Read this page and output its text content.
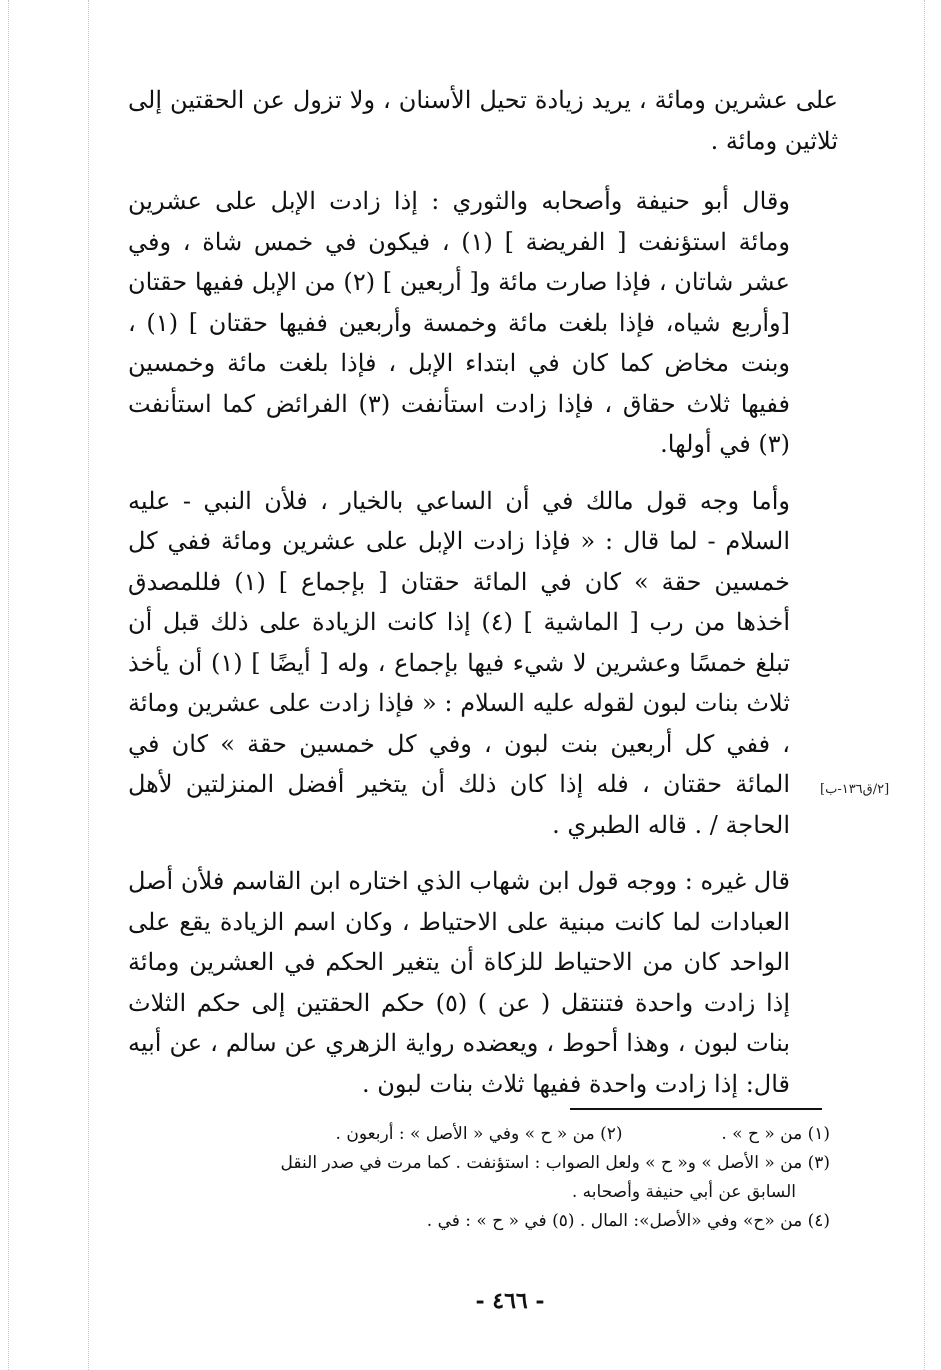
على عشرين ومائة ، يريد زيادة تحيل الأسنان ، ولا تزول عن الحقتين إلى ثلاثين ومائة .

وقال أبو حنيفة وأصحابه والثوري : إذا زادت الإبل على عشرين ومائة استؤنفت [ الفريضة ] (١) ، فيكون في خمس شاة ، وفي عشر شاتان ، فإذا صارت مائة و[ أربعين ] (٢) من الإبل ففيها حقتان [وأربع شياه، فإذا بلغت مائة وخمسة وأربعين ففيها حقتان ] (١) ، وبنت مخاض كما كان في ابتداء الإبل ، فإذا بلغت مائة وخمسين ففيها ثلاث حقاق ، فإذا زادت استأنفت (٣) الفرائض كما استأنفت (٣) في أولها.

وأما وجه قول مالك في أن الساعي بالخيار ، فلأن النبي - عليه السلام - لما قال : « فإذا زادت الإبل على عشرين ومائة ففي كل خمسين حقة » كان في المائة حقتان [ بإجماع ] (١) فللمصدق أخذها من رب [ الماشية ] (٤) إذا كانت الزيادة على ذلك قبل أن تبلغ خمسًا وعشرين لا شيء فيها بإجماع ، وله [ أيضًا ] (١) أن يأخذ ثلاث بنات لبون لقوله عليه السلام : « فإذا زادت على عشرين ومائة ، ففي كل أربعين بنت لبون ، وفي كل خمسين حقة » كان في المائة حقتان ، فله إذا كان ذلك أن يتخير أفضل المنزلتين لأهل الحاجة / . قاله الطبري .

قال غيره : ووجه قول ابن شهاب الذي اختاره ابن القاسم فلأن أصل العبادات لما كانت مبنية على الاحتياط ، وكان اسم الزيادة يقع على الواحد كان من الاحتياط للزكاة أن يتغير الحكم في العشرين ومائة إذا زادت واحدة فتنتقل ( عن ) (٥) حكم الحقتين إلى حكم الثلاث بنات لبون ، وهذا أحوط ، ويعضده رواية الزهري عن سالم ، عن أبيه قال: إذا زادت واحدة ففيها ثلاث بنات لبون .

[٢/ق١٣٦-ب]

(١) من « ح » .  (٢) من « ح » وفي « الأصل » : أربعون .

(٣) من « الأصل » و« ح » ولعل الصواب : استؤنفت . كما مرت في صدر النقل

السابق عن أبي حنيفة وأصحابه .

(٤) من «ح» وفي «الأصل»: المال . (٥) في « ح » : في .

- ٤٦٦ -
